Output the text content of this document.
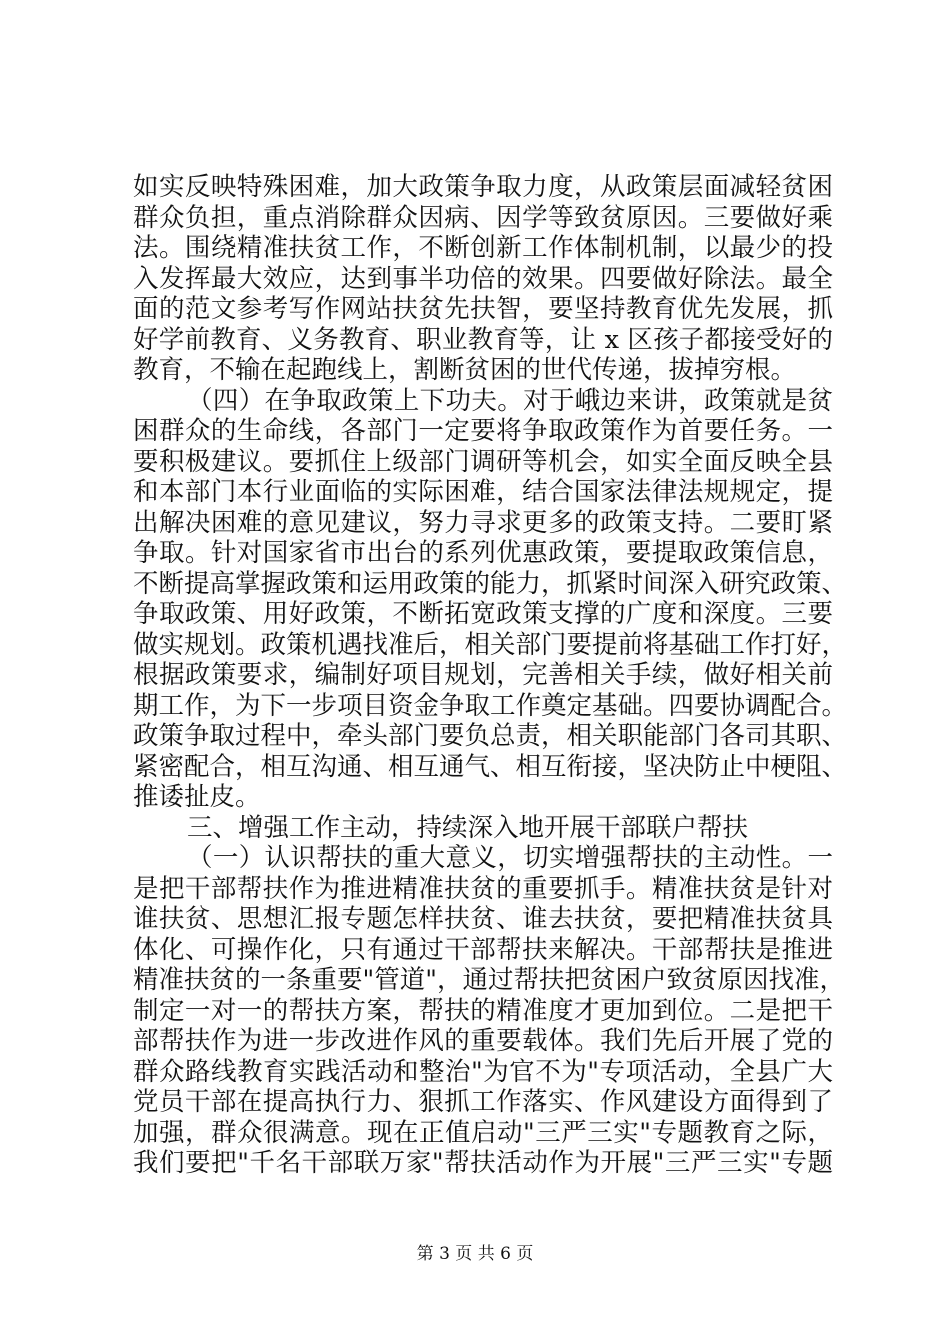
如实反映特殊困难，加大政策争取力度，从政策层面减轻贫困
群众负担，重点消除群众因病、因学等致贫原因。三要做好乘
法。围绕精准扶贫工作，不断创新工作体制机制，以最少的投
入发挥最大效应，达到事半功倍的效果。四要做好除法。最全
面的范文参考写作网站扶贫先扶智，要坚持教育优先发展，抓
好学前教育、义务教育、职业教育等，让 x 区孩子都接受好的
教育，不输在起跑线上，割断贫困的世代传递，拔掉穷根。
（四）在争取政策上下功夫。对于峨边来讲，政策就是贫
困群众的生命线，各部门一定要将争取政策作为首要任务。一
要积极建议。要抓住上级部门调研等机会，如实全面反映全县
和本部门本行业面临的实际困难，结合国家法律法规规定，提
出解决困难的意见建议，努力寻求更多的政策支持。二要盯紧
争取。针对国家省市出台的系列优惠政策，要提取政策信息，
不断提高掌握政策和运用政策的能力，抓紧时间深入研究政策、
争取政策、用好政策，不断拓宽政策支撑的广度和深度。三要
做实规划。政策机遇找准后，相关部门要提前将基础工作打好，
根据政策要求，编制好项目规划，完善相关手续，做好相关前
期工作，为下一步项目资金争取工作奠定基础。四要协调配合。
政策争取过程中，牵头部门要负总责，相关职能部门各司其职、
紧密配合，相互沟通、相互通气、相互衔接，坚决防止中梗阻、
推诿扯皮。
三、增强工作主动，持续深入地开展干部联户帮扶
（一）认识帮扶的重大意义，切实增强帮扶的主动性。一
是把干部帮扶作为推进精准扶贫的重要抓手。精准扶贫是针对
谁扶贫、思想汇报专题怎样扶贫、谁去扶贫，要把精准扶贫具
体化、可操作化，只有通过干部帮扶来解决。干部帮扶是推进
精准扶贫的一条重要"管道"，通过帮扶把贫困户致贫原因找准，
制定一对一的帮扶方案，帮扶的精准度才更加到位。二是把干
部帮扶作为进一步改进作风的重要载体。我们先后开展了党的
群众路线教育实践活动和整治"为官不为"专项活动，全县广大
党员干部在提高执行力、狠抓工作落实、作风建设方面得到了
加强，群众很满意。现在正值启动"三严三实"专题教育之际，
我们要把"千名干部联万家"帮扶活动作为开展"三严三实"专题
第 3 页 共 6 页
